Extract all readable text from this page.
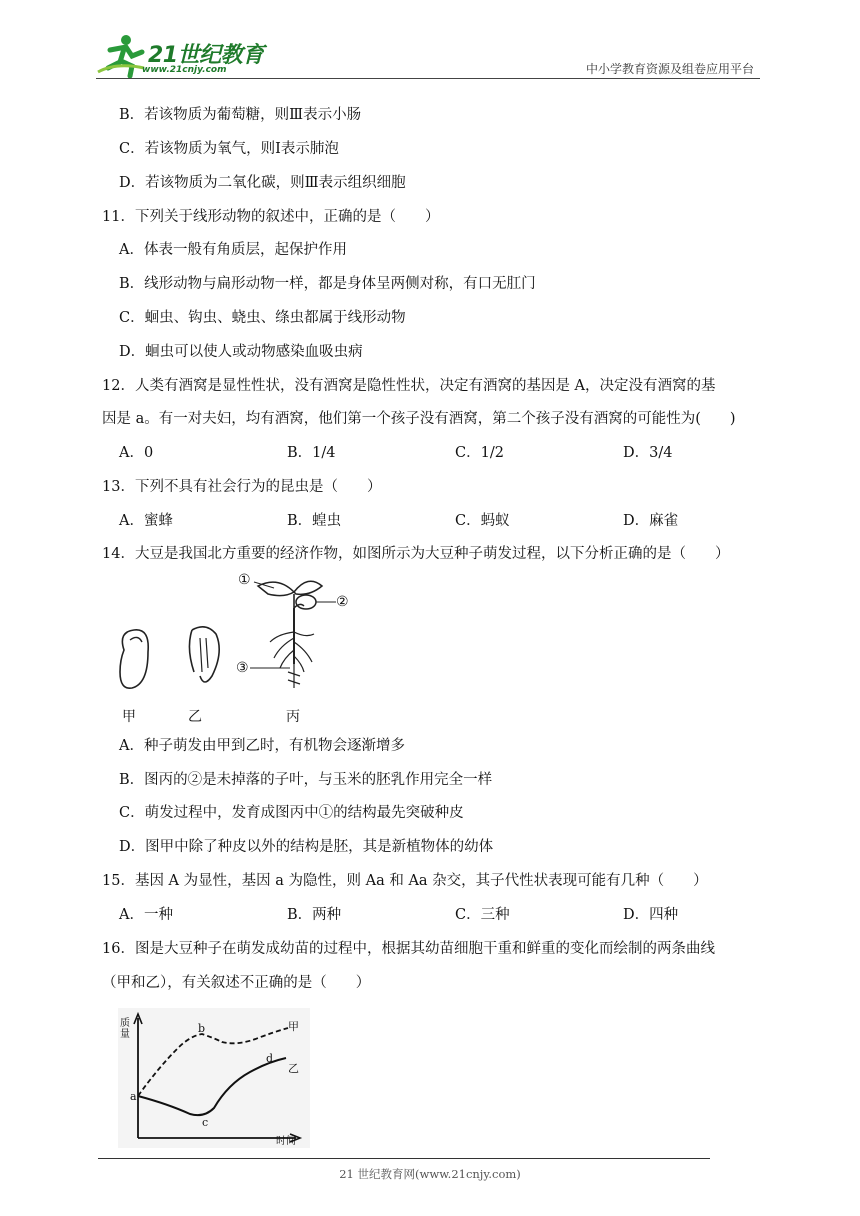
21世纪教育
www.21cnjy.com	中小学教育资源及组卷应用平台
B．若该物质为葡萄糖，则Ⅲ表示小肠
C．若该物质为氧气，则Ⅰ表示肺泡
D．若该物质为二氧化碳，则Ⅲ表示组织细胞
11．下列关于线形动物的叙述中，正确的是（　　）
A．体表一般有角质层，起保护作用
B．线形动物与扁形动物一样，都是身体呈两侧对称，有口无肛门
C．蛔虫、钩虫、蛲虫、绦虫都属于线形动物
D．蛔虫可以使人或动物感染血吸虫病
12．人类有酒窝是显性性状，没有酒窝是隐性性状，决定有酒窝的基因是 A，决定没有酒窝的基
因是 a。有一对夫妇，均有酒窝，他们第一个孩子没有酒窝，第二个孩子没有酒窝的可能性为(　　)
A．0	B．1/4	C．1/2	D．3/4
13．下列不具有社会行为的昆虫是（　　）
A．蜜蜂	B．蝗虫	C．蚂蚁	D．麻雀
14．大豆是我国北方重要的经济作物，如图所示为大豆种子萌发过程，以下分析正确的是（　　）
①
②
③
甲	乙	丙
A．种子萌发由甲到乙时，有机物会逐渐增多
B．图丙的②是未掉落的子叶，与玉米的胚乳作用完全一样
C．萌发过程中，发育成图丙中①的结构最先突破种皮
D．图甲中除了种皮以外的结构是胚，其是新植物体的幼体
15．基因 A 为显性，基因 a 为隐性，则 Aa 和 Aa 杂交，其子代性状表现可能有几种（　　）
A．一种	B．两种	C．三种	D．四种
16．图是大豆种子在萌发成幼苗的过程中，根据其幼苗细胞干重和鲜重的变化而绘制的两条曲线
（甲和乙），有关叙述不正确的是（　　）
质量
时间
a
b
c
d
甲
乙
21 世纪教育网(www.21cnjy.com)
